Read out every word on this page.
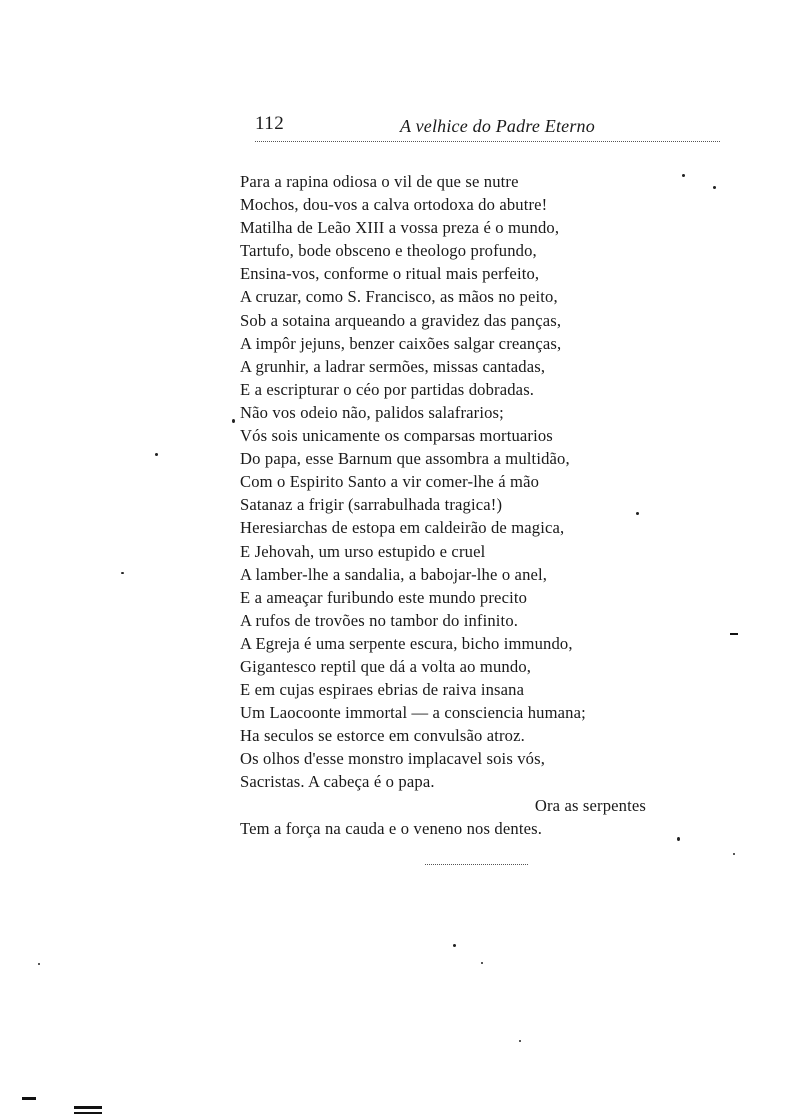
112	A velhice do Padre Eterno
Para a rapina odiosa o vil de que se nutre
Mochos, dou-vos a calva ortodoxa do abutre!
Matilha de Leão XIII a vossa preza é o mundo,
Tartufo, bode obsceno e theologo profundo,
Ensina-vos, conforme o ritual mais perfeito,
A cruzar, como S. Francisco, as mãos no peito,
Sob a sotaina arqueando a gravidez das panças,
A impôr jejuns, benzer caixões salgar creanças,
A grunhir, a ladrar sermões, missas cantadas,
E a escripturar o céo por partidas dobradas.
Não vos odeio não, palidos salafrarios;
Vós sois unicamente os comparsas mortuarios
Do papa, esse Barnum que assombra a multidão,
Com o Espirito Santo a vir comer-lhe á mão
Satanaz a frigir (sarrabulhada tragica!)
Heresiarchas de estopa em caldeirão de magica,
E Jehovah, um urso estupido e cruel
A lamber-lhe a sandalia, a babojar-lhe o anel,
E a ameaçar furibundo este mundo precito
A rufos de trovões no tambor do infinito.
A Egreja é uma serpente escura, bicho immundo,
Gigantesco reptil que dá a volta ao mundo,
E em cujas espiraes ebrias de raiva insana
Um Laocoonte immortal — a consciencia humana;
Ha seculos se estorce em convulsão atroz.
Os olhos d'esse monstro implacavel sois vós,
Sacristas. A cabeça é o papa.
Ora as serpentes
Tem a força na cauda e o veneno nos dentes.
